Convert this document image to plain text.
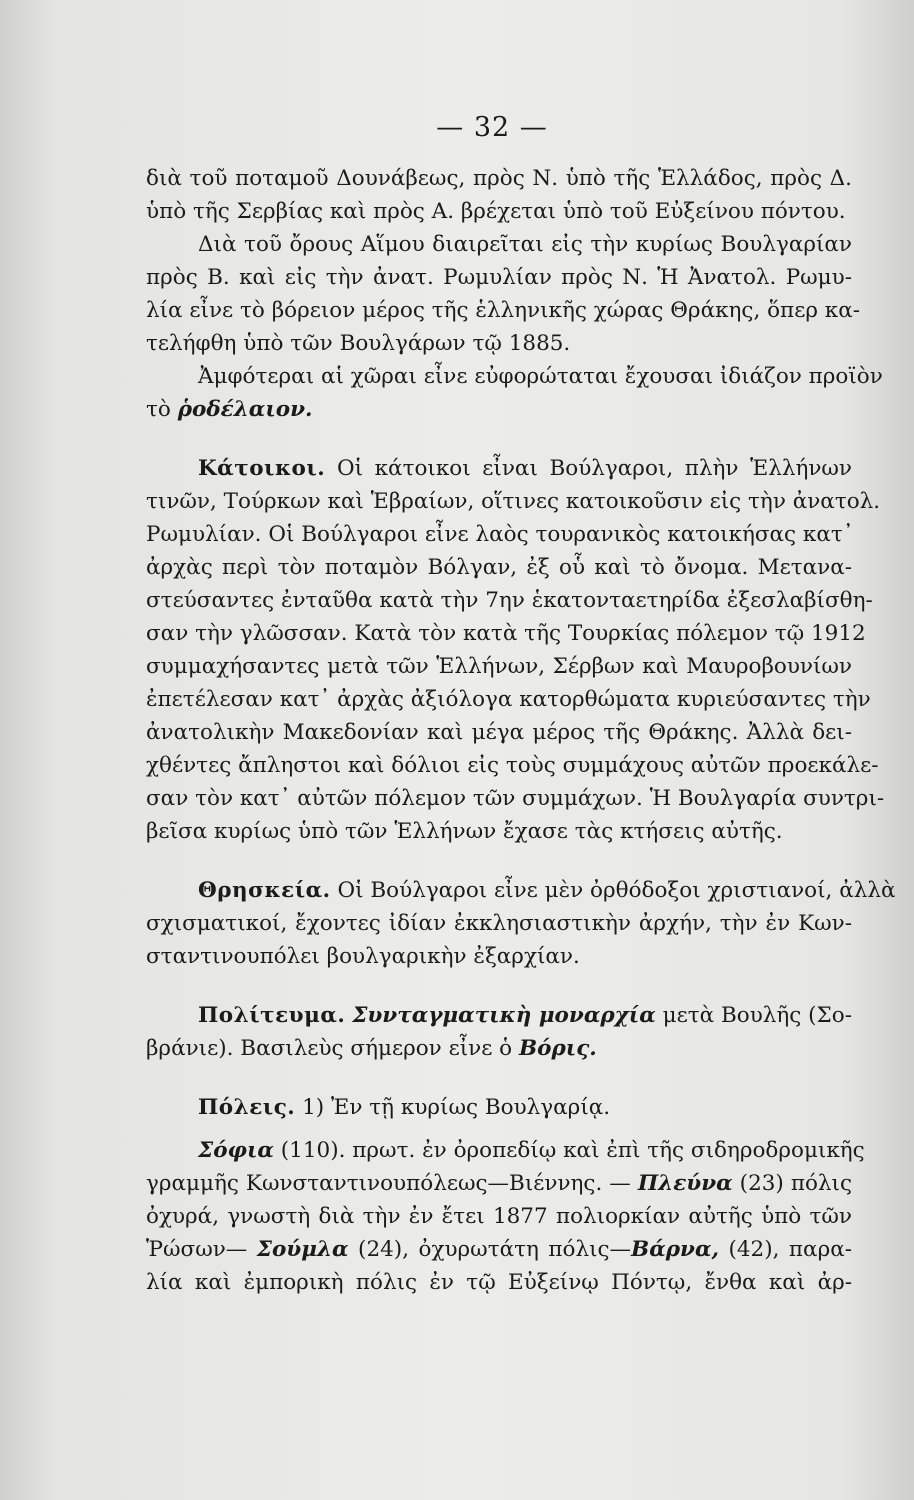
— 32 —

διὰ τοῦ ποταμοῦ Δουνάβεως, πρὸς Ν. ὑπὸ τῆς Ἑλλάδος, πρὸς Δ.
ὑπὸ τῆς Σερβίας καὶ πρὸς Α. βρέχεται ὑπὸ τοῦ Εὐξείνου πόντου.

Διὰ τοῦ ὄρους Αἵμου διαιρεῖται εἰς τὴν κυρίως Βουλγαρίαν
πρὸς Β. καὶ εἰς τὴν ἀνατ. Ρωμυλίαν πρὸς Ν. Ἡ Ἀνατολ. Ρωμυ-
λία εἶνε τὸ βόρειον μέρος τῆς ἑλληνικῆς χώρας Θράκης, ὅπερ κα-
τελήφθη ὑπὸ τῶν Βουλγάρων τῷ 1885.

Ἀμφότεραι αἱ χῶραι εἶνε εὐφορώταται ἔχουσαι ἰδιάζον προϊὸν
τὸ ῥοδέλαιον.

Κάτοικοι. Οἱ κάτοικοι εἶναι Βούλγαροι, πλὴν Ἑλλήνων
τινῶν, Τούρκων καὶ Ἑβραίων, οἵτινες κατοικοῦσιν εἰς τὴν ἀνατολ.
Ρωμυλίαν. Οἱ Βούλγαροι εἶνε λαὸς τουρανικὸς κατοικήσας κατ᾽
ἀρχὰς περὶ τὸν ποταμὸν Βόλγαν, ἐξ οὗ καὶ τὸ ὄνομα. Μετανα-
στεύσαντες ἐνταῦθα κατὰ τὴν 7ην ἑκατονταετηρίδα ἐξεσλαβίσθη-
σαν τὴν γλῶσσαν. Κατὰ τὸν κατὰ τῆς Τουρκίας πόλεμον τῷ 1912
συμμαχήσαντες μετὰ τῶν Ἑλλήνων, Σέρβων καὶ Μαυροβουνίων
ἐπετέλεσαν κατ᾽ ἀρχὰς ἀξιόλογα κατορθώματα κυριεύσαντες τὴν
ἀνατολικὴν Μακεδονίαν καὶ μέγα μέρος τῆς Θράκης. Ἀλλὰ δει-
χθέντες ἄπληστοι καὶ δόλιοι εἰς τοὺς συμμάχους αὐτῶν προεκάλε-
σαν τὸν κατ᾽ αὐτῶν πόλεμον τῶν συμμάχων. Ἡ Βουλγαρία συντρι-
βεῖσα κυρίως ὑπὸ τῶν Ἑλλήνων ἔχασε τὰς κτήσεις αὐτῆς.

Θρησκεία. Οἱ Βούλγαροι εἶνε μὲν ὀρθόδοξοι χριστιανοί, ἀλλὰ
σχισματικοί, ἔχοντες ἰδίαν ἐκκλησιαστικὴν ἀρχήν, τὴν ἐν Κων-
σταντινουπόλει βουλγαρικὴν ἐξαρχίαν.

Πολίτευμα. Συνταγματικὴ μοναρχία μετὰ Βουλῆς (Σο-
βράνιε). Βασιλεὺς σήμερον εἶνε ὁ Βόρις.

Πόλεις. 1) Ἐν τῇ κυρίως Βουλγαρίᾳ.

Σόφια (110). πρωτ. ἐν ὀροπεδίῳ καὶ ἐπὶ τῆς σιδηροδρομικῆς
γραμμῆς Κωνσταντινουπόλεως—Βιέννης. — Πλεύνα (23) πόλις
ὀχυρά, γνωστὴ διὰ τὴν ἐν ἔτει 1877 πολιορκίαν αὐτῆς ὑπὸ τῶν
Ῥώσων— Σούμλα (24), ὀχυρωτάτη πόλις—Βάρνα, (42), παρα-
λία καὶ ἐμπορικὴ πόλις ἐν τῷ Εὐξείνῳ Πόντῳ, ἔνθα καὶ ἀρ-
